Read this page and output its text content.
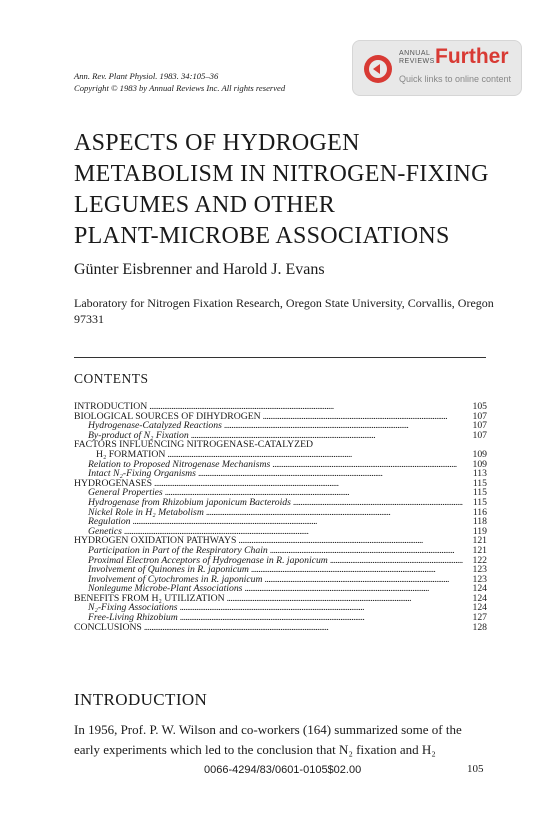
Ann. Rev. Plant Physiol. 1983. 34:105–36
Copyright © 1983 by Annual Reviews Inc. All rights reserved
ANNUAL
REVIEWS Further
Quick links to online content
ASPECTS OF HYDROGEN
METABOLISM IN NITROGEN-FIXING
LEGUMES AND OTHER
PLANT-MICROBE ASSOCIATIONS
Günter Eisbrenner and Harold J. Evans
Laboratory for Nitrogen Fixation Research, Oregon State University, Corvallis, Oregon 97331
CONTENTS
INTRODUCTION . . .	105
BIOLOGICAL SOURCES OF DIHYDROGEN . . .	107
Hydrogenase-Catalyzed Reactions . . .	107
By-product of N₂ Fixation . . .	107
FACTORS INFLUENCING NITROGENASE-CATALYZED
H₂ FORMATION . . .	109
Relation to Proposed Nitrogenase Mechanisms . . .	109
Intact N₂-Fixing Organisms . . .	113
HYDROGENASES . . .	115
General Properties . . .	115
Hydrogenase from Rhizobium japonicum Bacteroids . . .	115
Nickel Role in H₂ Metabolism . . .	116
Regulation . . .	118
Genetics . . .	119
HYDROGEN OXIDATION PATHWAYS . . .	121
Participation in Part of the Respiratory Chain . . .	121
Proximal Electron Acceptors of Hydrogenase in R. japonicum . . .	122
Involvement of Quinones in R. japonicum . . .	123
Involvement of Cytochromes in R. japonicum . . .	123
Nonlegume Microbe-Plant Associations . . .	124
BENEFITS FROM H₂ UTILIZATION . . .	124
N₂-Fixing Associations . . .	124
Free-Living Rhizobium . . .	127
CONCLUSIONS . . .	128
INTRODUCTION
In 1956, Prof. P. W. Wilson and co-workers (164) summarized some of the
early experiments which led to the conclusion that N₂ fixation and H₂
0066-4294/83/0601-0105$02.00	105
